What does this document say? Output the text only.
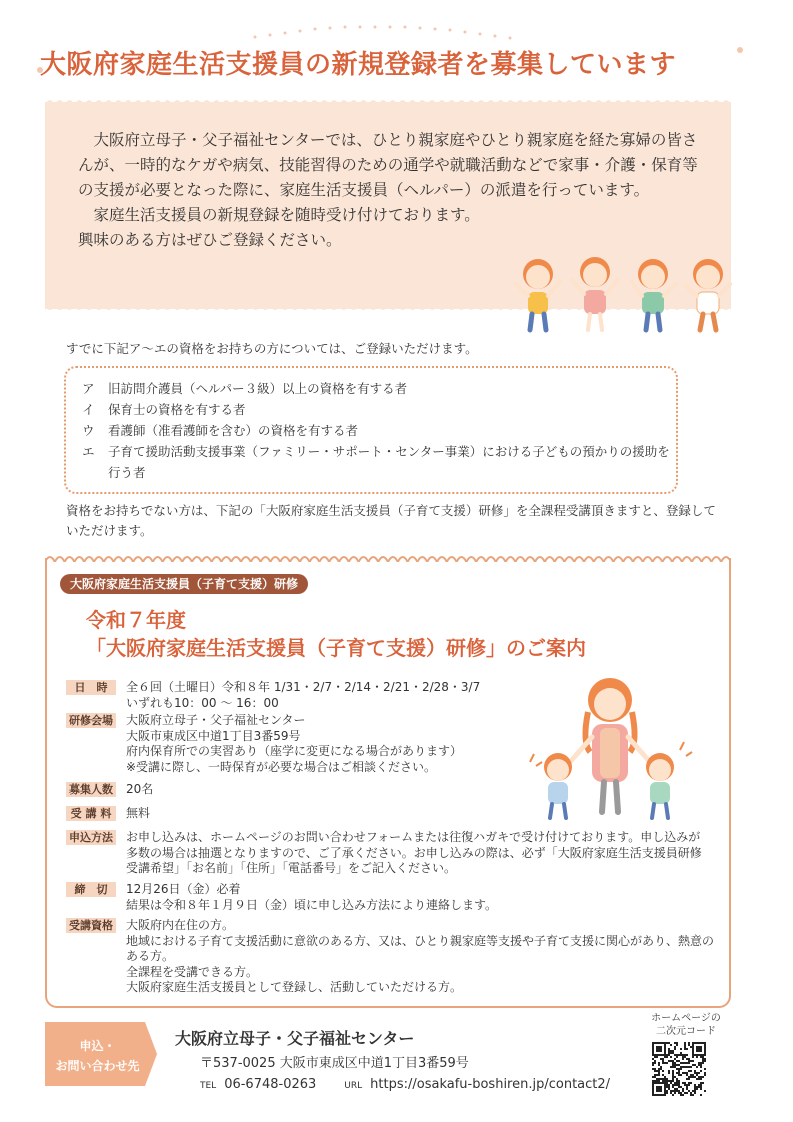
大阪府家庭生活支援員の新規登録者を募集しています

大阪府立母子・父子福祉センターでは、ひとり親家庭やひとり親家庭を経た寡婦の皆さんが、一時的なケガや病気、技能習得のための通学や就職活動などで家事・介護・保育等の支援が必要となった際に、家庭生活支援員（ヘルパー）の派遣を行っています。

家庭生活支援員の新規登録を随時受け付けております。

興味のある方はぜひご登録ください。

すでに下記ア～エの資格をお持ちの方については、ご登録いただけます。
ア	旧訪問介護員（ヘルパー３級）以上の資格を有する者
イ	保育士の資格を有する者
ウ	看護師（准看護師を含む）の資格を有する者
エ	子育て援助活動支援事業（ファミリー・サポート・センター事業）における子どもの預かりの援助を行う者
資格をお持ちでない方は、下記の「大阪府家庭生活支援員（子育て支援）研修」を全課程受講頂きますと、登録していただけます。
大阪府家庭生活支援員（子育て支援）研修
令和７年度
「大阪府家庭生活支援員（子育て支援）研修」のご案内
日　時	全６回（土曜日）令和８年 1/31・2/7・2/14・2/21・2/28・3/7
いずれも10：00 ～ 16：00
研修会場 大阪府立母子・父子福祉センター
大阪市東成区中道1丁目3番59号
府内保育所での実習あり（座学に変更になる場合があります）
※受講に際し、一時保育が必要な場合はご相談ください。
募集人数 20名
受 講 料	無料
申込方法 お申し込みは、ホームページのお問い合わせフォームまたは往復ハガキで受け付けております。申し込みが
多数の場合は抽選となりますので、ご了承ください。お申し込みの際は、必ず「大阪府家庭生活支援員研修
受講希望」「お名前」「住所」「電話番号」をご記入ください。
締　切	12月26日（金）必着
結果は令和８年１月９日（金）頃に申し込み方法により連絡します。
受講資格 大阪府内在住の方。
地域における子育て支援活動に意欲のある方、又は、ひとり親家庭等支援や子育て支援に関心があり、熱意の
ある方。
全課程を受講できる方。
大阪府家庭生活支援員として登録し、活動していただける方。
申込・
お問い合わせ先
大阪府立母子・父子福祉センター
〒537-0025 大阪市東成区中道1丁目3番59号
TEL 06-6748-0263	URL https://osakafu-boshiren.jp/contact2/
ホームページの
二次元コード
